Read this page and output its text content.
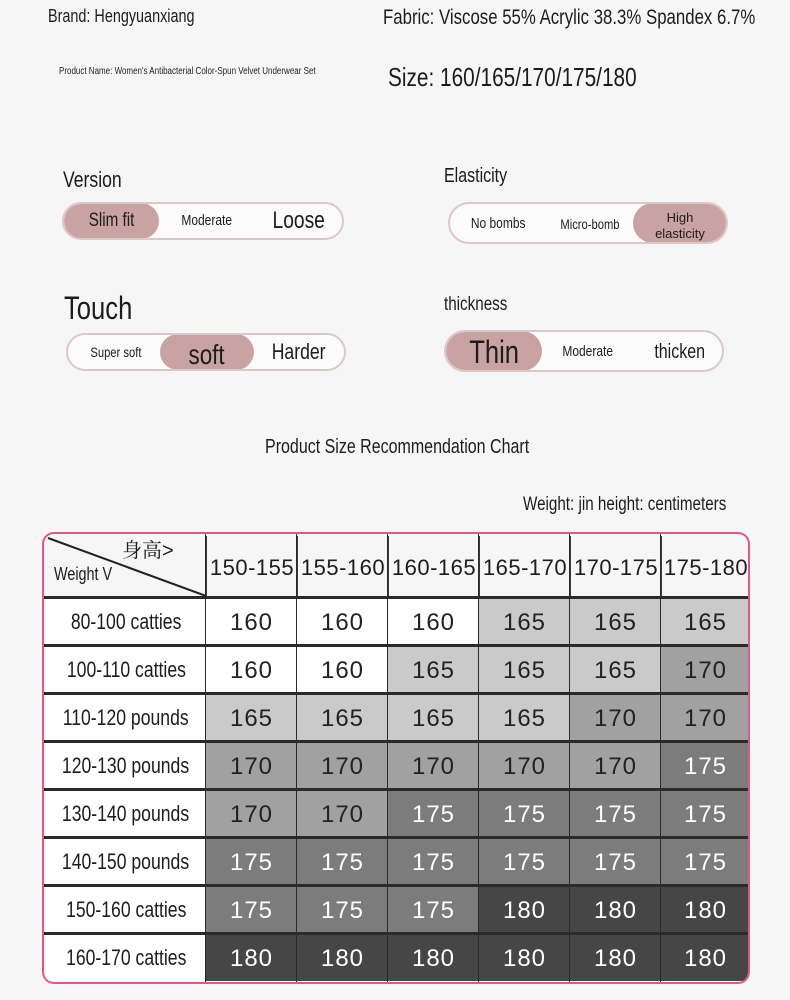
Brand: Hengyuanxiang	Fabric: Viscose 55% Acrylic 38.3% Spandex 6.7%
Product Name: Women's Antibacterial Color-Spun Velvet Underwear Set	Size: 160/165/170/175/180
Version
Slim fit	Moderate	Loose
Elasticity
No bombs	Micro-bomb	High elasticity
Touch
Super soft	soft	Harder
thickness
Thin	Moderate	thicken
Product Size Recommendation Chart
Weight: jin height: centimeters
身高>
Weight V	150-155 155-160 160-165 165-170 170-175 175-180
80-100 catties	160	160	160	165	165	165
100-110 catties	160	160	165	165	165	170
110-120 pounds	165	165	165	165	170	170
120-130 pounds	170	170	170	170	170	175
130-140 pounds	170	170	175	175	175	175
140-150 pounds	175	175	175	175	175	175
150-160 catties	175	175	175	180	180	180
160-170 catties	180	180	180	180	180	180
